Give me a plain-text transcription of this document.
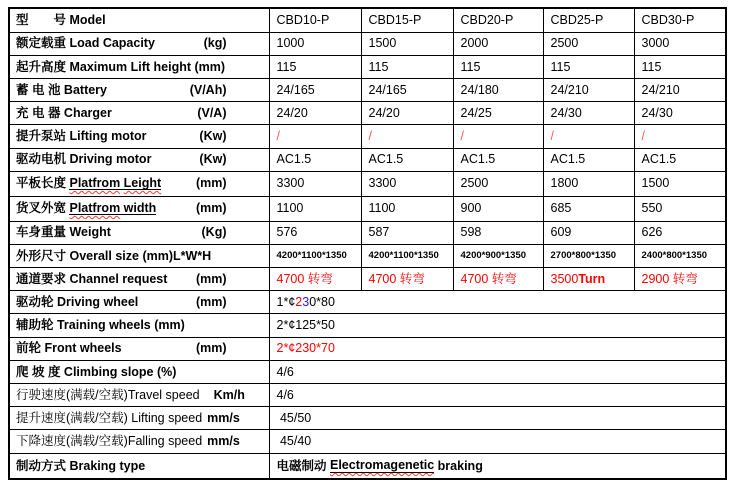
型　　号 Model	CBD10-P	CBD15-P	CBD20-P	CBD25-P	CBD30-P

额定载重 Load Capacity (kg)	1000	1500	2000	2500	3000

起升高度 Maximum Lift height (mm)	115	115	115	115	115

蓄 电 池 Battery (V/Ah)	24/165	24/165	24/180	24/210	24/210

充 电 器 Charger (V/A)	24/20	24/20	24/25	24/30	24/30

提升泵站 Lifting motor (Kw)	/	/	/	/	/

驱动电机 Driving motor (Kw)	AC1.5	AC1.5	AC1.5	AC1.5	AC1.5

平板长度 Platfrom
Leight (mm)	3300	3300	2500	1800	1500

货叉外宽 Platfrom
width (mm)	1100	1100	900	685	550

车身重量 Weight (Kg)	576	587	598	609	626

外形尺寸 Overall size (mm)L*W*H	4200*1100*1350	4200*1100*1350	4200*900*1350	2700*800*1350	2400*800*1350

通道要求 Channel request (mm)	4700 转弯	4700 转弯	4700 转弯	3500 Turn	2900 转弯

驱动轮 Driving wheel (mm)	1*¢ 2 3 0*80				

辅助轮 Training wheels (mm)	2*¢125*50				

前轮 Front wheels (mm)	2*¢230*70				

爬 坡 度 Climbing slope (%)	4/6				

行驶速度(满载/空载) Travel speed Km/h	4/6				

提升速度(满载/空载) Lifting speed mm/s	45/50				

下降速度(满载/空载) Falling speed mm/s	45/40				

制动方式 Braking type	电磁制动 Electromagenetic braking				
